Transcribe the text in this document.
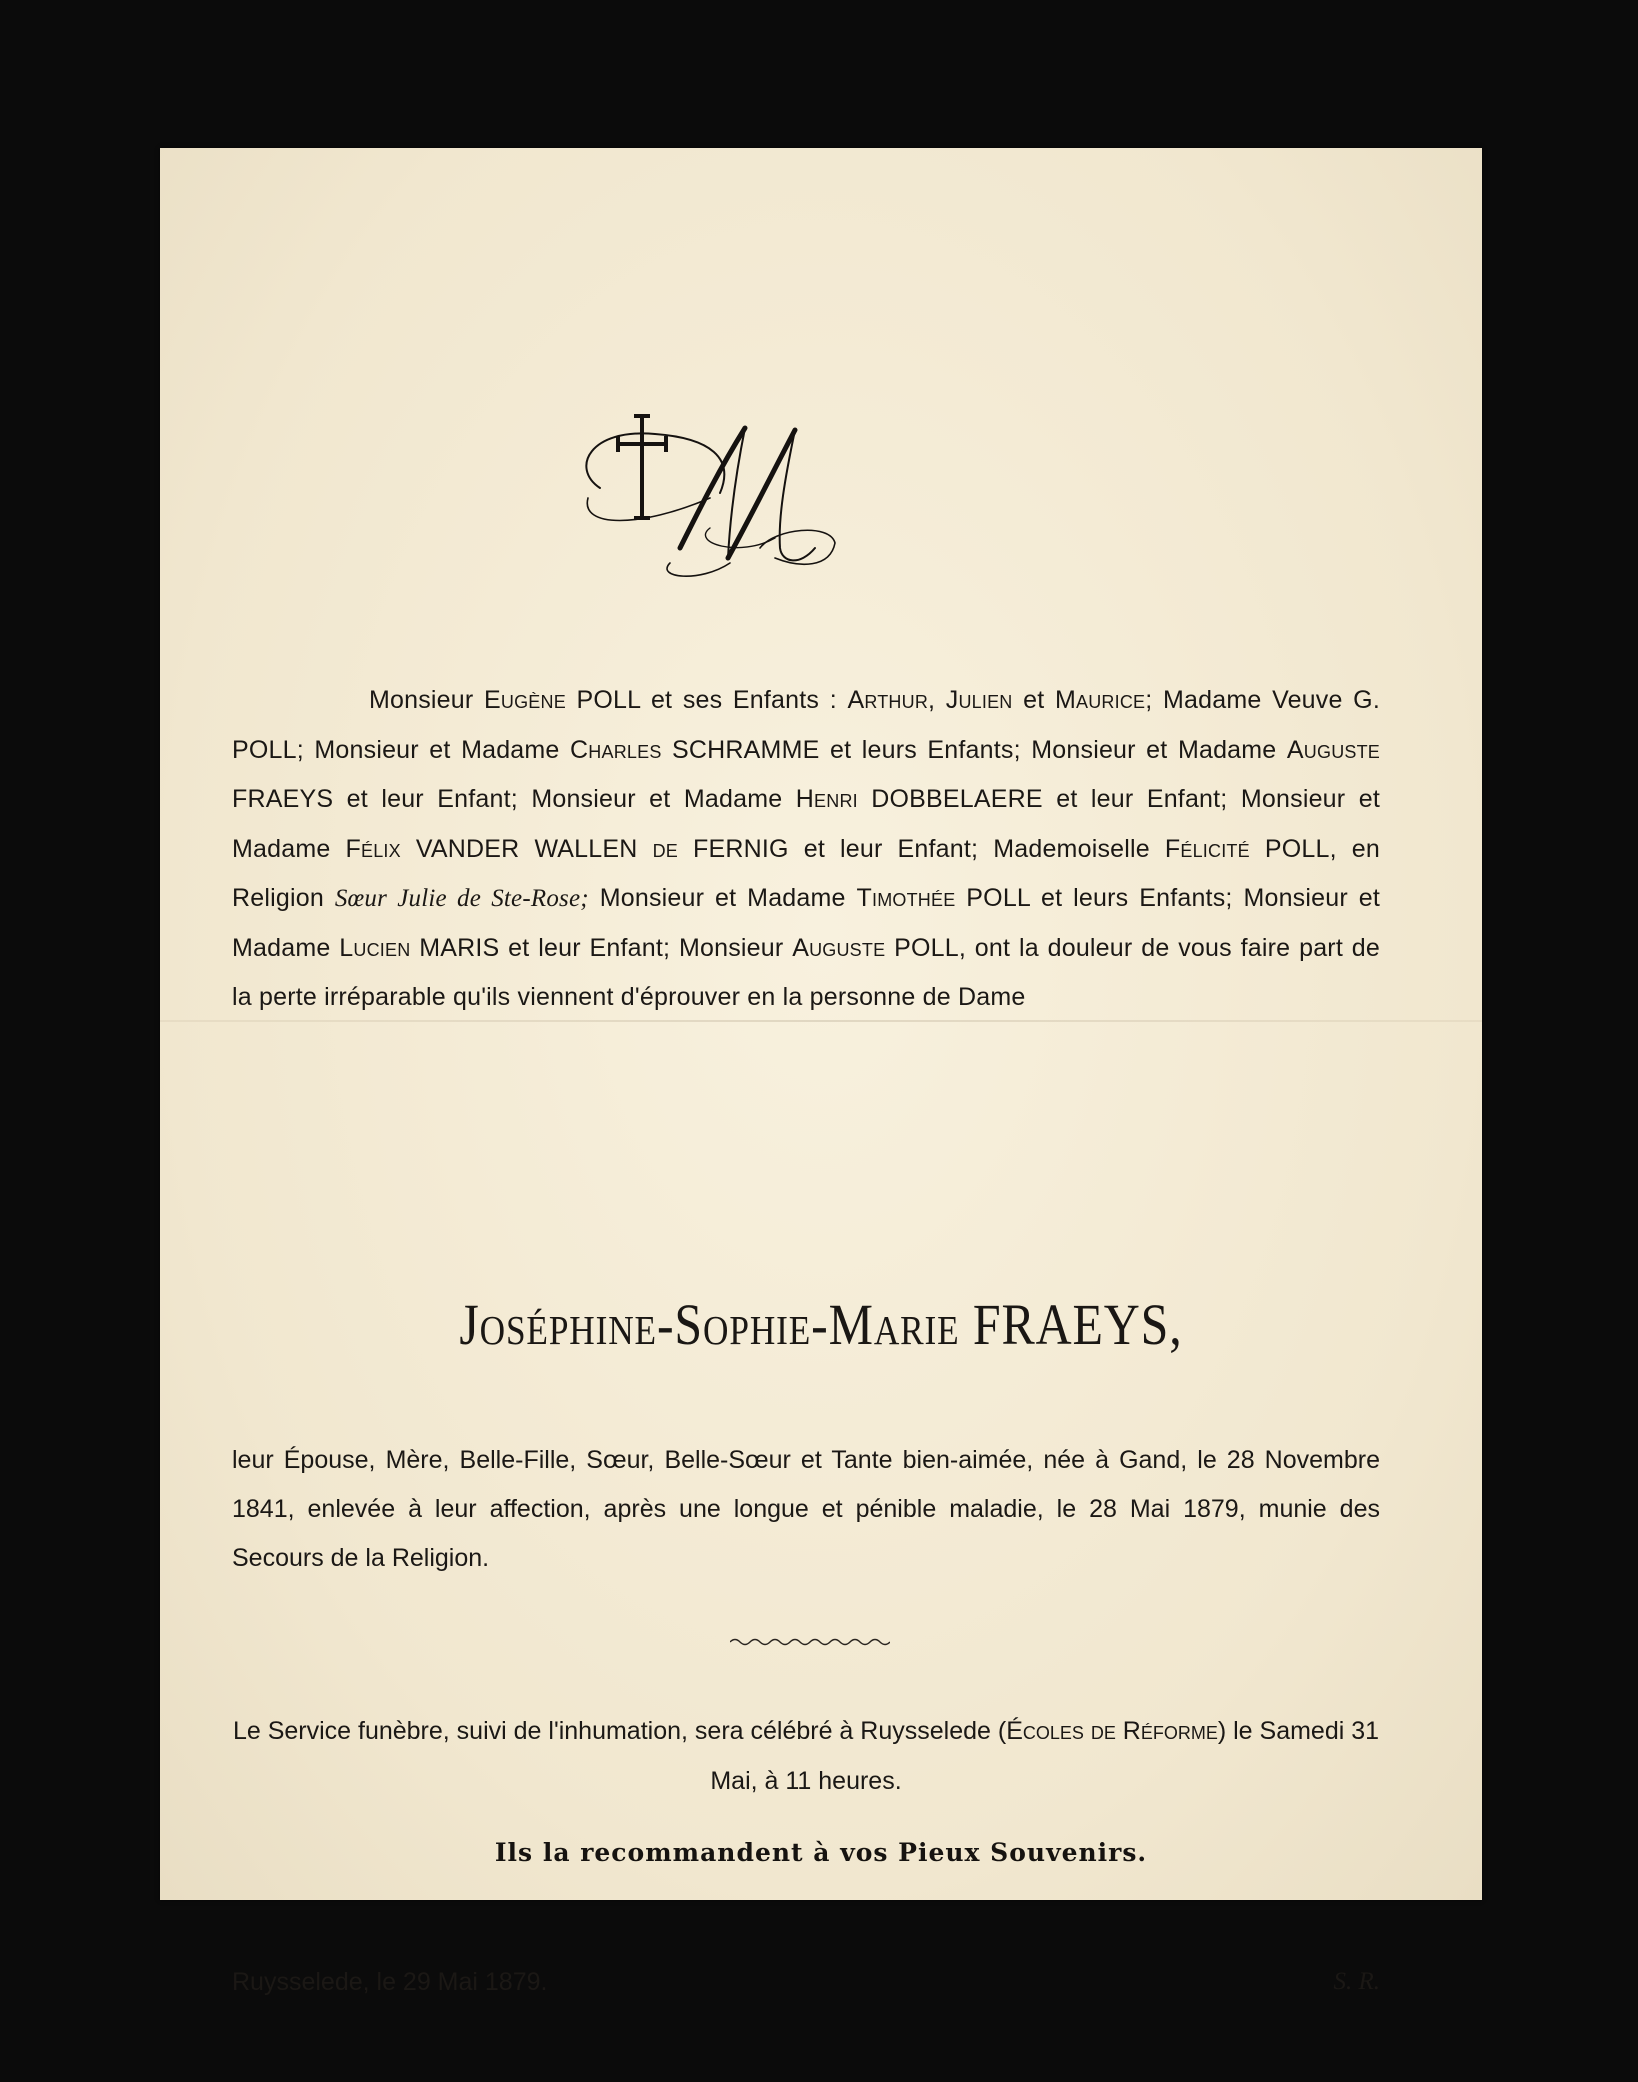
Monsieur Eugène POLL et ses Enfants : Arthur, Julien et Maurice; Madame Veuve G. POLL; Monsieur et Madame Charles SCHRAMME et leurs Enfants; Monsieur et Madame Auguste FRAEYS et leur Enfant; Monsieur et Madame Henri DOBBELAERE et leur Enfant; Monsieur et Madame Félix VANDER WALLEN de FERNIG et leur Enfant; Mademoiselle Félicité POLL, en Religion Sœur Julie de Ste-Rose; Monsieur et Madame Timothée POLL et leurs Enfants; Monsieur et Madame Lucien MARIS et leur Enfant; Monsieur Auguste POLL, ont la douleur de vous faire part de la perte irréparable qu'ils viennent d'éprouver en la personne de Dame

Joséphine-Sophie-Marie FRAEYS,

leur Épouse, Mère, Belle-Fille, Sœur, Belle-Sœur et Tante bien-aimée, née à Gand, le 28 Novembre 1841, enlevée à leur affection, après une longue et pénible maladie, le 28 Mai 1879, munie des Secours de la Religion.

Le Service funèbre, suivi de l'inhumation, sera célébré à Ruysselede (Écoles de Réforme) le Samedi 31 Mai, à 11 heures.

Ils la recommandent à vos Pieux Souvenirs.
Ruysselede, le 29 Mai 1879.	S. R.
